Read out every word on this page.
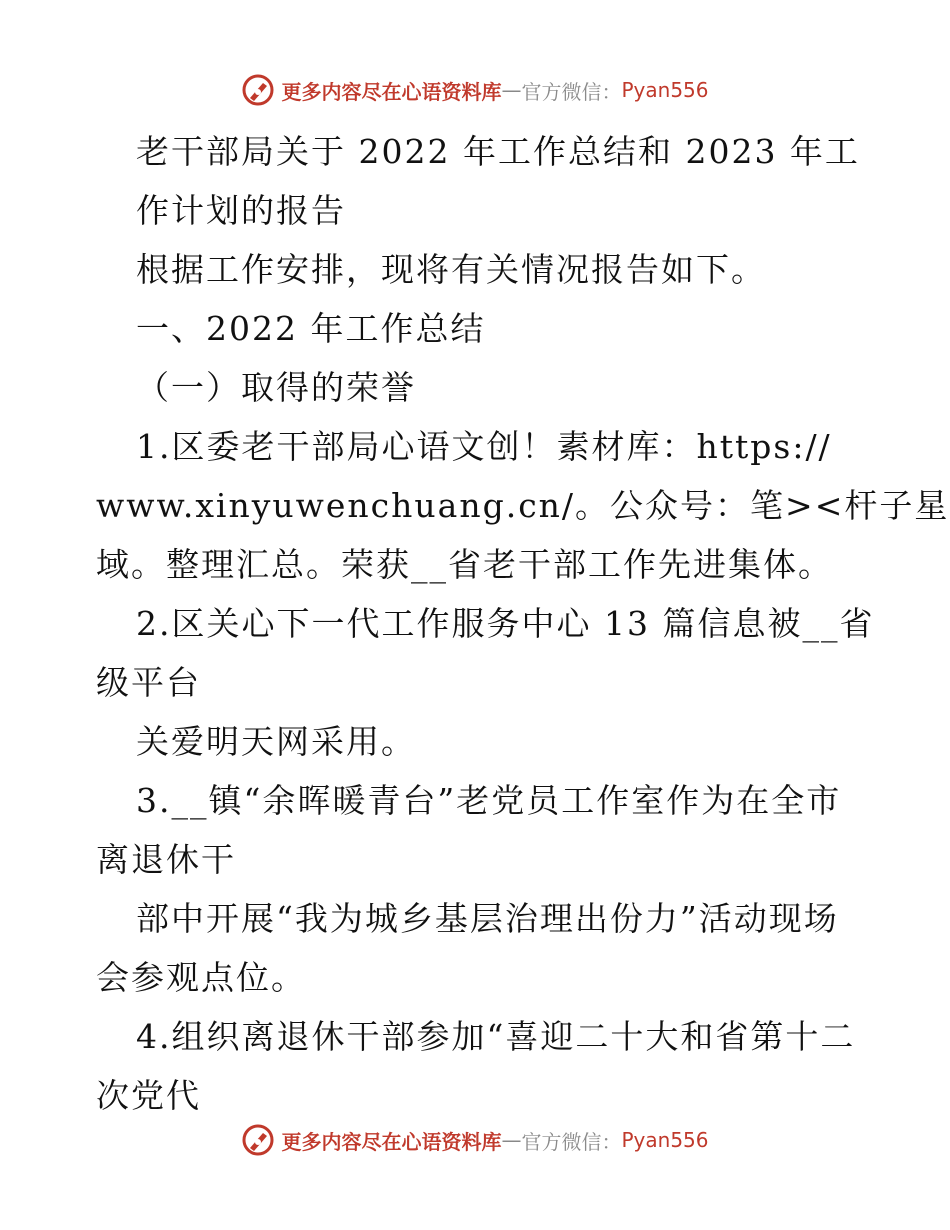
更多内容尽在心语资料库 — 官方微信： Pyan556

老干部局关于 2022 年工作总结和 2023 年工

作计划的报告

根据工作安排，现将有关情况报告如下。

一、2022 年工作总结

（一）取得的荣誉

1.区委老干部局心语文创！素材库：https://

www.xinyuwenchuang.cn/。公众号：笔><杆子星

域。整理汇总。荣获__省老干部工作先进集体。

2.区关心下一代工作服务中心 13 篇信息被__省

级平台

关爱明天网采用。

3.__镇“余晖暖青台”老党员工作室作为在全市

离退休干

部中开展“我为城乡基层治理出份力”活动现场

会参观点位。

4.组织离退休干部参加“喜迎二十大和省第十二

次党代

更多内容尽在心语资料库 — 官方微信： Pyan556
